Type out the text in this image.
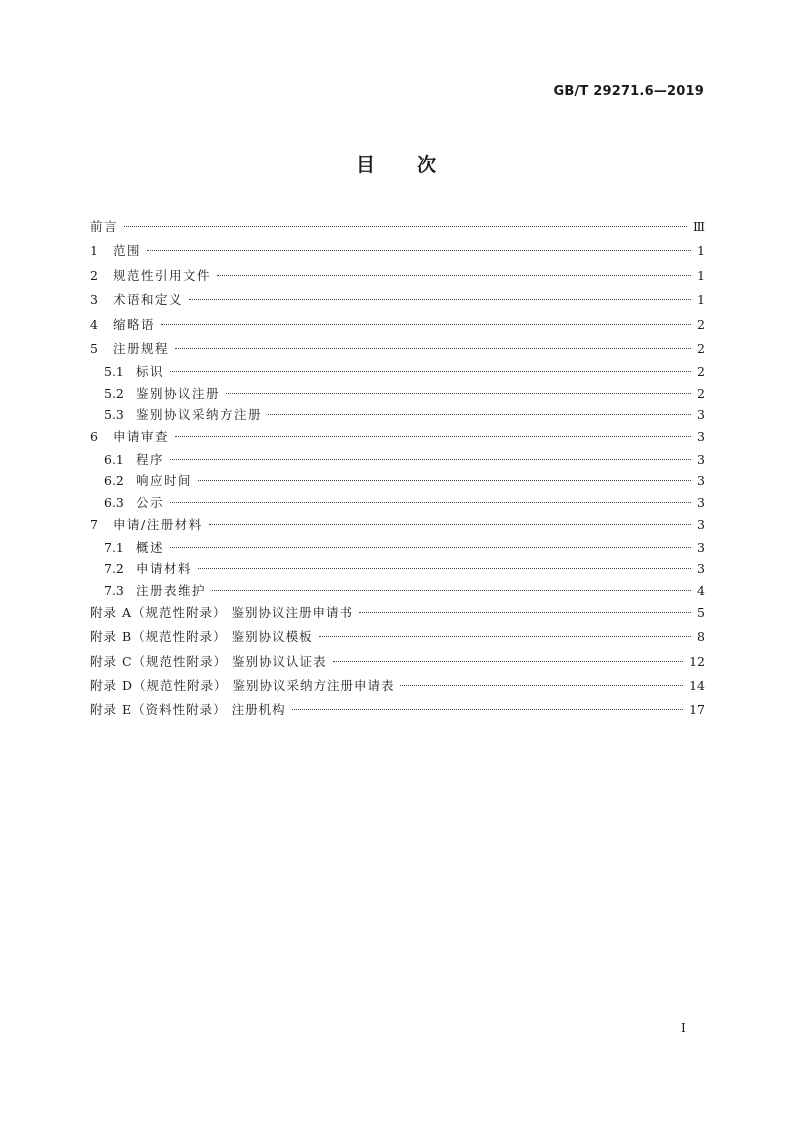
GB/T 29271.6—2019
目 次
前言	Ⅲ
1	范围	1
2	规范性引用文件	1
3	术语和定义	1
4	缩略语	2
5	注册规程	2
5.1 标识	2
5.2 鉴别协议注册	2
5.3 鉴别协议采纳方注册	3
6	申请审查	3
6.1 程序	3
6.2 响应时间	3
6.3 公示	3
7	申请/注册材料	3
7.1 概述	3
7.2 申请材料	3
7.3 注册表维护	4
附录 A（规范性附录） 鉴别协议注册申请书	5
附录 B（规范性附录） 鉴别协议模板	8
附录 C（规范性附录） 鉴别协议认证表	12
附录 D（规范性附录） 鉴别协议采纳方注册申请表	14
附录 E（资料性附录） 注册机构	17
I
